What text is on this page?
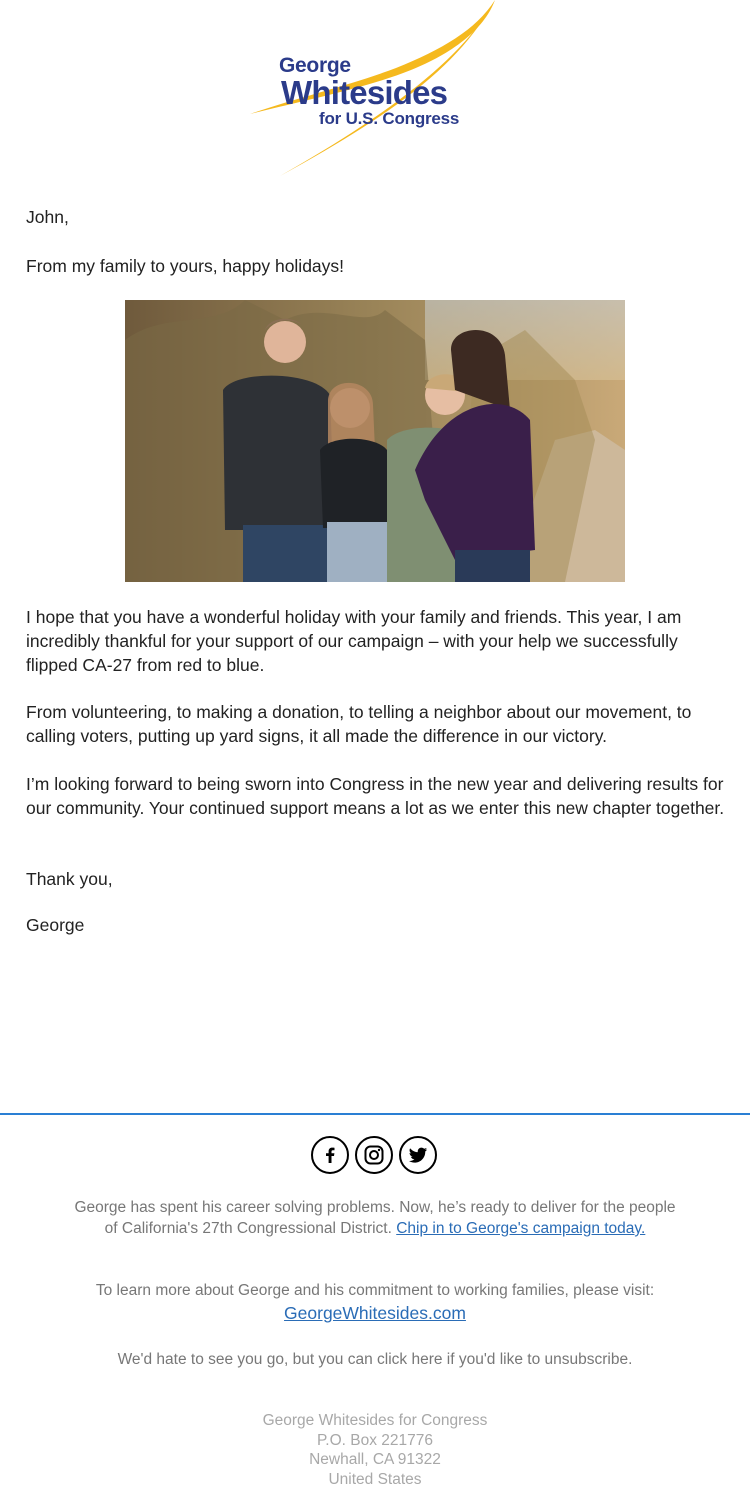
George
Whitesides
for U.S. Congress

John,

From my family to yours, happy holidays!

I hope that you have a wonderful holiday with your family and friends. This year, I am incredibly thankful for your support of our campaign – with your help we successfully flipped CA-27 from red to blue.

From volunteering, to making a donation, to telling a neighbor about our movement, to calling voters, putting up yard signs, it all made the difference in our victory.

I’m looking forward to being sworn into Congress in the new year and delivering results for our community. Your continued support means a lot as we enter this new chapter together.

Thank you,

George

George has spent his career solving problems. Now, he’s ready to deliver for the people of California's 27th Congressional District. Chip in to George's campaign today.

To learn more about George and his commitment to working families, please visit:
GeorgeWhitesides.com

We'd hate to see you go, but you can click here if you'd like to unsubscribe.

George Whitesides for Congress
P.O. Box 221776
Newhall, CA 91322
United States
